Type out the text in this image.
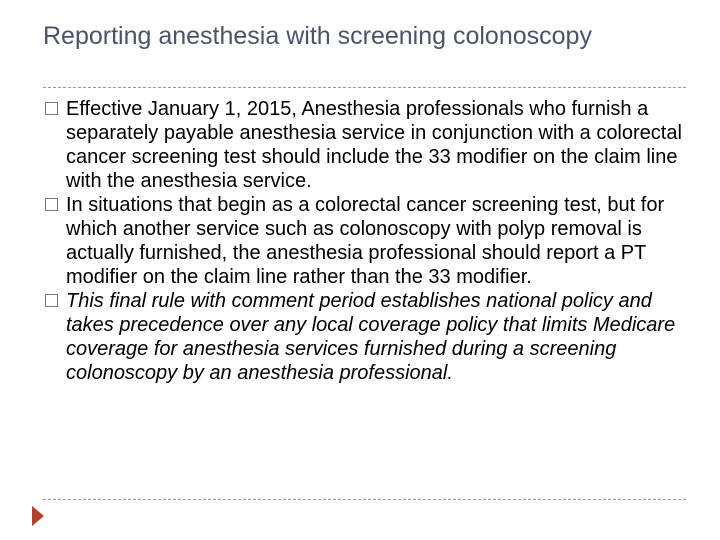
Reporting anesthesia with screening colonoscopy

Effective January 1, 2015, Anesthesia professionals who furnish a separately payable anesthesia service in conjunction with a colorectal cancer screening test should include the 33 modifier on the claim line with the anesthesia service.

In situations that begin as a colorectal cancer screening test, but for which another service such as colonoscopy with polyp removal is actually furnished, the anesthesia professional should report a PT modifier on the claim line rather than the 33 modifier.

This final rule with comment period establishes national policy and takes precedence over any local coverage policy that limits Medicare coverage for anesthesia services furnished during a screening colonoscopy by an anesthesia professional.
